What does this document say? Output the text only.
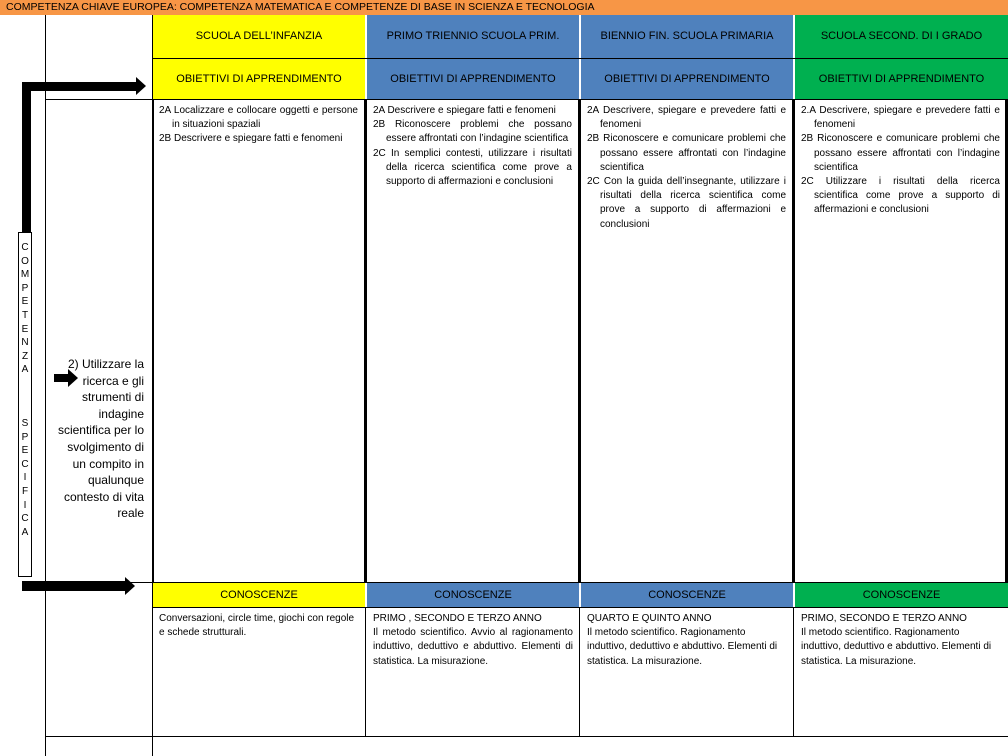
COMPETENZA CHIAVE EUROPEA: COMPETENZA MATEMATICA E COMPETENZE DI BASE IN SCIENZA E TECNOLOGIA
SCUOLA DELL’INFANZIA
OBIETTIVI DI APPRENDIMENTO
CONOSCENZE
PRIMO TRIENNIO SCUOLA PRIM.
OBIETTIVI DI APPRENDIMENTO
CONOSCENZE
BIENNIO FIN. SCUOLA PRIMARIA
OBIETTIVI DI APPRENDIMENTO
CONOSCENZE
SCUOLA SECOND. DI I GRADO
OBIETTIVI DI APPRENDIMENTO
CONOSCENZE

2A Localizzare e collocare oggetti e persone in situazioni spaziali

2B Descrivere e spiegare fatti e fenomeni

2A Descrivere e spiegare fatti e fenomeni

2B Riconoscere problemi che possano essere affrontati con l’indagine scientifica

2C In semplici contesti, utilizzare i risultati della ricerca scientifica come prove a supporto di affermazioni e conclusioni

2A Descrivere, spiegare e prevedere fatti e fenomeni

2B Riconoscere e comunicare problemi che possano essere affrontati con l’indagine scientifica

2C Con la guida dell’insegnante, utilizzare i risultati della ricerca scientifica come prove a supporto di affermazioni e conclusioni

2.A Descrivere, spiegare e prevedere fatti e fenomeni

2B Riconoscere e comunicare problemi che possano essere affrontati con l’indagine scientifica

2C Utilizzare i risultati della ricerca scientifica come prove a supporto di affermazioni e conclusioni

Conversazioni, circle time, giochi con regole e schede strutturali.

PRIMO , SECONDO E TERZO ANNO

Il metodo scientifico. Avvio al ragionamento induttivo, deduttivo e abduttivo. Elementi di statistica. La misurazione.

QUARTO E QUINTO ANNO

Il metodo scientifico. Ragionamento induttivo, deduttivo e abduttivo. Elementi di statistica. La misurazione.

PRIMO, SECONDO E TERZO ANNO

Il metodo scientifico. Ragionamento induttivo, deduttivo e abduttivo. Elementi di statistica. La misurazione.

C
O
M
P
E
T
E
N
Z
A
S
P
E
C
I
F
I
C
A
2) Utilizzare la ricerca e gli strumenti di indagine scientifica per lo svolgimento di un compito in qualunque contesto di vita reale
